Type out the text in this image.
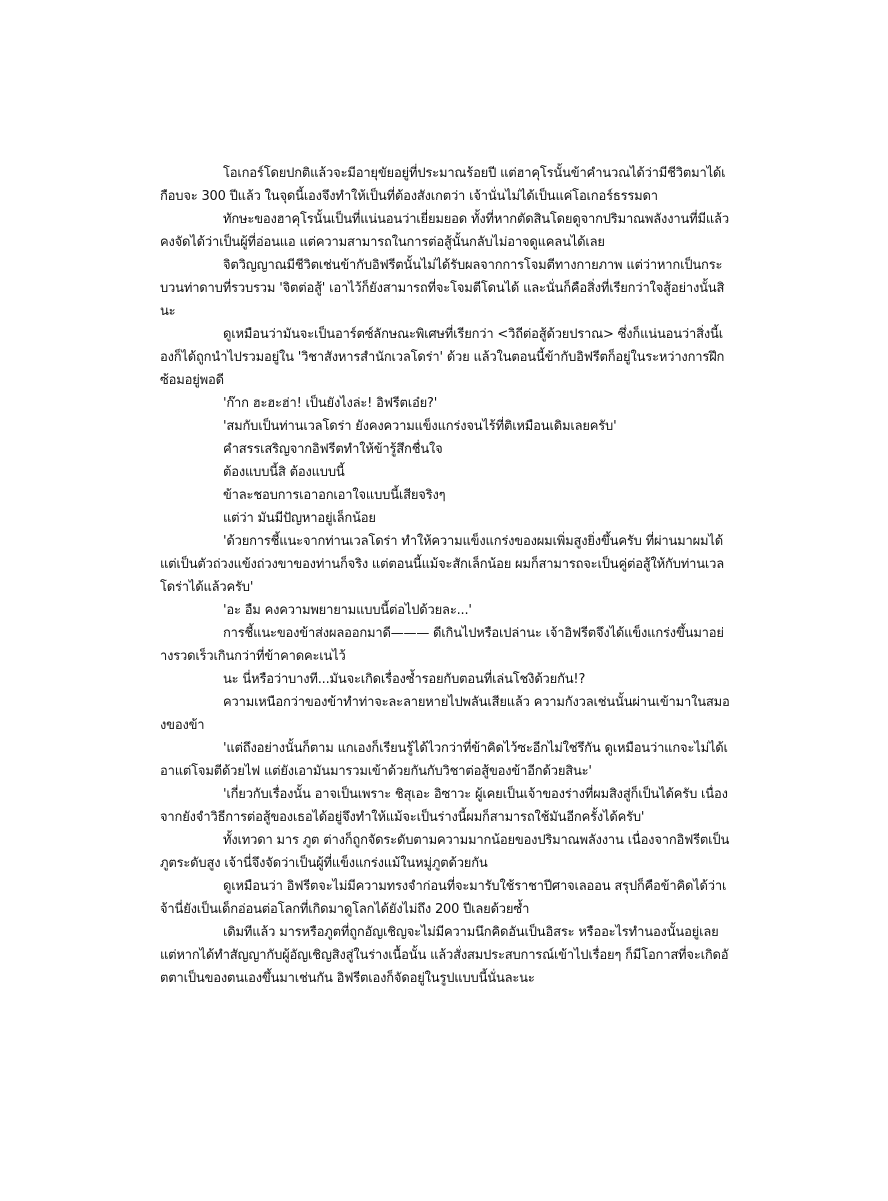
โอเกอร์โดยปกติแล้วจะมีอายุขัยอยู่ที่ประมาณร้อยปี แต่ฮาคุโรนั้นข้าคำนวณได้ว่ามีชีวิตมาได้เกือบจะ 300 ปีแล้ว ในจุดนี้เองจึงทำให้เป็นที่ต้องสังเกตว่า เจ้านั่นไม่ได้เป็นแค่โอเกอร์ธรรมดา

ทักษะของฮาคุโรนั้นเป็นที่แน่นอนว่าเยี่ยมยอด ทั้งที่หากตัดสินโดยดูจากปริมาณพลังงานที่มีแล้วคงจัดได้ว่าเป็นผู้ที่อ่อนแอ แต่ความสามารถในการต่อสู้นั้นกลับไม่อาจดูแคลนได้เลย

จิตวิญญาณมีชีวิตเช่นข้ากับอิฟรีตนั้นไม่ได้รับผลจากการโจมตีทางกายภาพ แต่ว่าหากเป็นกระบวนท่าดาบที่รวบรวม 'จิตต่อสู้' เอาไว้ก็ยังสามารถที่จะโจมตีโดนได้ และนั่นก็คือสิ่งที่เรียกว่าใจสู้อย่างนั้นสินะ

ดูเหมือนว่ามันจะเป็นอาร์ตซ์ลักษณะพิเศษที่เรียกว่า <วิถีต่อสู้ด้วยปราณ> ซึ่งก็แน่นอนว่าสิ่งนี้เองก็ได้ถูกนำไปรวมอยู่ใน 'วิชาสังหารสำนักเวลโดร่า' ด้วย แล้วในตอนนี้ข้ากับอิฟรีตก็อยู่ในระหว่างการฝึกซ้อมอยู่พอดี

'ก๊าก ฮะฮะฮ่า! เป็นยังไงล่ะ! อิฟรีตเอ๋ย?'

'สมกับเป็นท่านเวลโดร่า ยังคงความแข็งแกร่งจนไร้ที่ติเหมือนเดิมเลยครับ'

คำสรรเสริญจากอิฟรีตทำให้ข้ารู้สึกชื่นใจ

ต้องแบบนี้สิ ต้องแบบนี้

ข้าละชอบการเอาอกเอาใจแบบนี้เสียจริงๆ

แต่ว่า มันมีปัญหาอยู่เล็กน้อย

'ด้วยการชี้แนะจากท่านเวลโดร่า ทำให้ความแข็งแกร่งของผมเพิ่มสูงยิ่งขึ้นครับ ที่ผ่านมาผมได้แต่เป็นตัวถ่วงแข้งถ่วงขาของท่านก็จริง แต่ตอนนี้แม้จะสักเล็กน้อย ผมก็สามารถจะเป็นคู่ต่อสู้ให้กับท่านเวลโดร่าได้แล้วครับ'

'อะ อืม คงความพยายามแบบนี้ต่อไปด้วยละ...'

การชี้แนะของข้าส่งผลออกมาดี——— ดีเกินไปหรือเปล่านะ เจ้าอิฟรีตจึงได้แข็งแกร่งขึ้นมาอย่างรวดเร็วเกินกว่าที่ข้าคาดคะเนไว้

นะ นี่หรือว่าบางที...มันจะเกิดเรื่องซ้ำรอยกับตอนที่เล่นโชงิด้วยกัน!?

ความเหนือกว่าของข้าทำท่าจะละลายหายไปพลันเสียแล้ว ความกังวลเช่นนั้นผ่านเข้ามาในสมองของข้า

'แต่ถึงอย่างนั้นก็ตาม แกเองก็เรียนรู้ได้ไวกว่าที่ข้าคิดไว้ซะอีกไม่ใช่รึกัน ดูเหมือนว่าแกจะไม่ได้เอาแต่โจมตีด้วยไฟ แต่ยังเอามันมารวมเข้าด้วยกันกับวิชาต่อสู้ของข้าอีกด้วยสินะ'

'เกี่ยวกับเรื่องนั้น อาจเป็นเพราะ ชิสุเอะ อิซาวะ ผู้เคยเป็นเจ้าของร่างที่ผมสิงสู่ก็เป็นได้ครับ เนื่องจากยังจำวิธีการต่อสู้ของเธอได้อยู่จึงทำให้แม้จะเป็นร่างนี้ผมก็สามารถใช้มันอีกครั้งได้ครับ'

ทั้งเทวดา มาร ภูต ต่างก็ถูกจัดระดับตามความมากน้อยของปริมาณพลังงาน เนื่องจากอิฟรีตเป็นภูตระดับสูง เจ้านี่จึงจัดว่าเป็นผู้ที่แข็งแกร่งแม้ในหมู่ภูตด้วยกัน

ดูเหมือนว่า อิฟรีตจะไม่มีความทรงจำก่อนที่จะมารับใช้ราชาปีศาจเลออน สรุปก็คือข้าคิดได้ว่าเจ้านี่ยังเป็นเด็กอ่อนต่อโลกที่เกิดมาดูโลกได้ยังไม่ถึง 200 ปีเลยด้วยซ้ำ

เดิมทีแล้ว มารหรือภูตที่ถูกอัญเชิญจะไม่มีความนึกคิดอันเป็นอิสระ หรืออะไรทำนองนั้นอยู่เลย แต่หากได้ทำสัญญากับผู้อัญเชิญสิงสู่ในร่างเนื้อนั้น แล้วสั่งสมประสบการณ์เข้าไปเรื่อยๆ ก็มีโอกาสที่จะเกิดอัตตาเป็นของตนเองขึ้นมาเช่นกัน อิฟรีตเองก็จัดอยู่ในรูปแบบนี้นั่นละนะ
